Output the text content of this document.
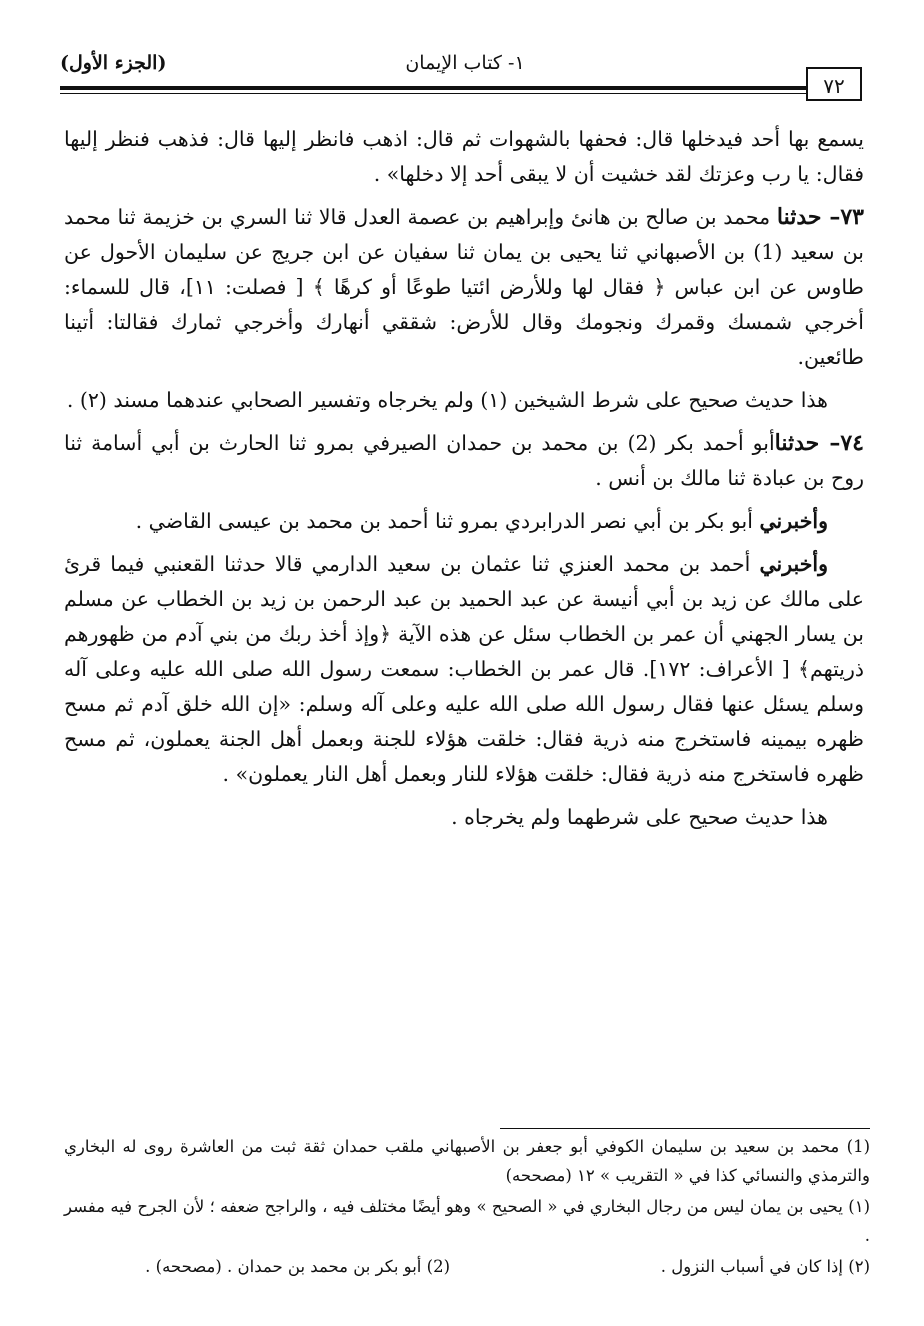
١- كتاب الإيمان
(الجزء الأول)
٧٢

يسمع بها أحد فيدخلها قال: فحفها بالشهوات ثم قال: اذهب فانظر إليها قال: فذهب فنظر إليها فقال: يا رب وعزتك لقد خشيت أن لا يبقى أحد إلا دخلها» .

٧٣– حدثنا محمد بن صالح بن هانئ وإبراهيم بن عصمة العدل قالا ثنا السري بن خزيمة ثنا محمد بن سعيد (1) بن الأصبهاني ثنا يحيى بن يمان ثنا سفيان عن ابن جريج عن سليمان الأحول عن طاوس عن ابن عباس ﴿ فقال لها وللأرض ائتيا طوعًا أو كرهًا ﴾ [ فصلت: ١١]، قال للسماء: أخرجي شمسك وقمرك ونجومك وقال للأرض: شققي أنهارك وأخرجي ثمارك فقالتا: أتينا طائعين.

هذا حديث صحيح على شرط الشيخين (١) ولم يخرجاه وتفسير الصحابي عندهما مسند (٢) .

٧٤– حدثناأبو أحمد بكر (2) بن محمد بن حمدان الصيرفي بمرو ثنا الحارث بن أبي أسامة ثنا روح بن عبادة ثنا مالك بن أنس .

وأخبرني أبو بكر بن أبي نصر الدرابردي بمرو ثنا أحمد بن محمد بن عيسى القاضي .

وأخبرني أحمد بن محمد العنزي ثنا عثمان بن سعيد الدارمي قالا حدثنا القعنبي فيما قرئ على مالك عن زيد بن أبي أنيسة عن عبد الحميد بن عبد الرحمن بن زيد بن الخطاب عن مسلم بن يسار الجهني أن عمر بن الخطاب سئل عن هذه الآية ﴿وإذ أخذ ربك من بني آدم من ظهورهم ذريتهم﴾ [ الأعراف: ١٧٢]. قال عمر بن الخطاب: سمعت رسول الله صلى الله عليه وعلى آله وسلم يسئل عنها فقال رسول الله صلى الله عليه وعلى آله وسلم: «إن الله خلق آدم ثم مسح ظهره بيمينه فاستخرج منه ذرية فقال: خلقت هؤلاء للجنة وبعمل أهل الجنة يعملون، ثم مسح ظهره فاستخرج منه ذرية فقال: خلقت هؤلاء للنار وبعمل أهل النار يعملون» .

هذا حديث صحيح على شرطهما ولم يخرجاه .

(1) محمد بن سعيد بن سليمان الكوفي أبو جعفر بن الأصبهاني ملقب حمدان ثقة ثبت من العاشرة روى له البخاري والترمذي والنسائي كذا في « التقريب » ١٢ (مصححه)

(١) يحيى بن يمان ليس من رجال البخاري في « الصحيح » وهو أيضًا مختلف فيه ، والراجح ضعفه ؛ لأن الجرح فيه مفسر .

(٢) إذا كان في أسباب النزول .
(2) أبو بكر بن محمد بن حمدان . (مصححه) .
